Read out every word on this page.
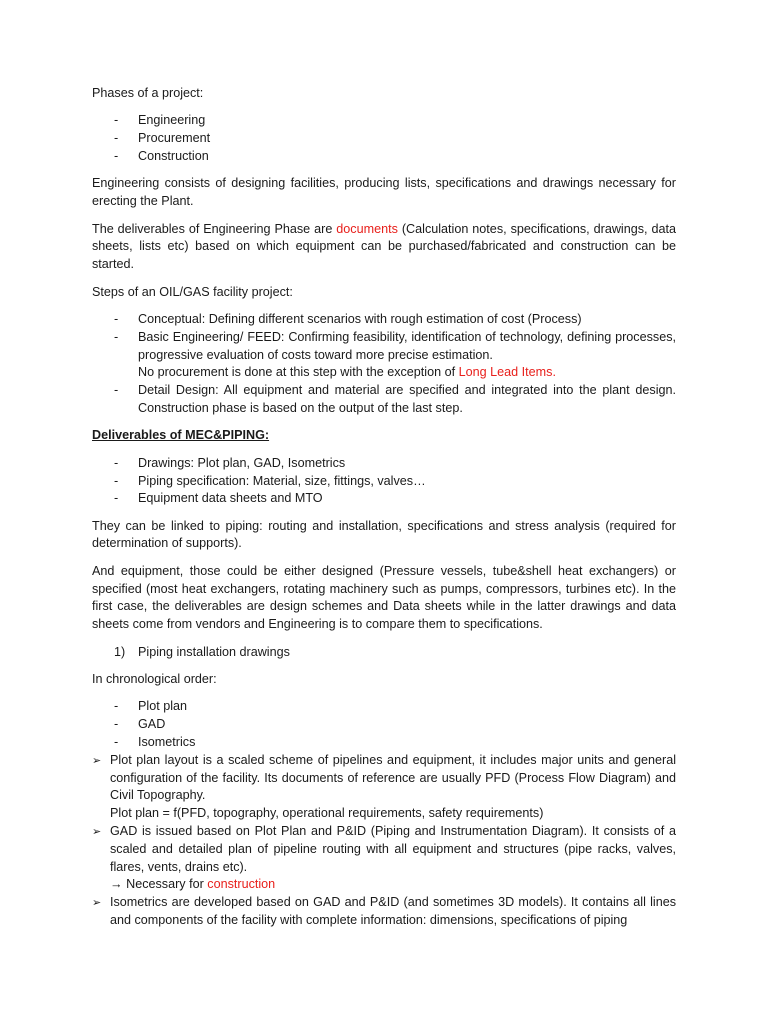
Phases of a project:

- Engineering
- Procurement
- Construction

Engineering consists of designing facilities, producing lists, specifications and drawings necessary for erecting the Plant.

The deliverables of Engineering Phase are documents (Calculation notes, specifications, drawings, data sheets, lists etc) based on which equipment can be purchased/fabricated and construction can be started.

Steps of an OIL/GAS facility project:

- Conceptual: Defining different scenarios with rough estimation of cost (Process)
- Basic Engineering/ FEED: Confirming feasibility, identification of technology, defining processes, progressive evaluation of costs toward more precise estimation.
No procurement is done at this step with the exception of Long Lead Items.
- Detail Design: All equipment and material are specified and integrated into the plant design. Construction phase is based on the output of the last step.

Deliverables of MEC&PIPING:

- Drawings: Plot plan, GAD, Isometrics
- Piping specification: Material, size, fittings, valves…
- Equipment data sheets and MTO

They can be linked to piping: routing and installation, specifications and stress analysis (required for determination of supports).

And equipment, those could be either designed (Pressure vessels, tube&shell heat exchangers) or specified (most heat exchangers, rotating machinery such as pumps, compressors, turbines etc). In the first case, the deliverables are design schemes and Data sheets while in the latter drawings and data sheets come from vendors and Engineering is to compare them to specifications.

1) Piping installation drawings

In chronological order:

- Plot plan
- GAD
- Isometrics
➢ Plot plan layout is a scaled scheme of pipelines and equipment, it includes major units and general configuration of the facility. Its documents of reference are usually PFD (Process Flow Diagram) and Civil Topography.
Plot plan = f(PFD, topography, operational requirements, safety requirements)
➢ GAD is issued based on Plot Plan and P&ID (Piping and Instrumentation Diagram). It consists of a scaled and detailed plan of pipeline routing with all equipment and structures (pipe racks, valves, flares, vents, drains etc).
→ Necessary for construction
➢ Isometrics are developed based on GAD and P&ID (and sometimes 3D models). It contains all lines and components of the facility with complete information: dimensions, specifications of piping
